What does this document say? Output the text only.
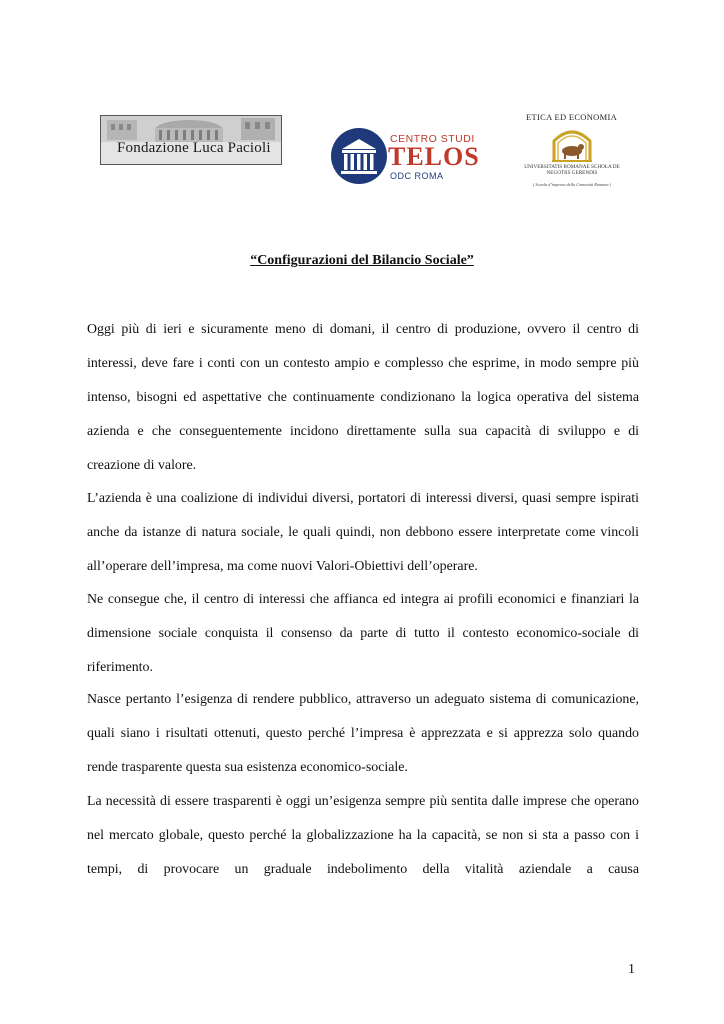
Fondazione Luca Pacioli
CENTRO STUDI
TELOS
ODC ROMA
ETICA ED ECONOMIA
UNIVERSITATIS ROMANAE SCHOLA DE NEGOTIIS GERENDIS
( Scuola d’impresa della Comunità Romana )
“Configurazioni del Bilancio Sociale”

Oggi più di ieri e sicuramente meno di domani, il centro di produzione, ovvero il centro di interessi, deve fare i conti con un contesto ampio e complesso che esprime, in modo sempre più intenso, bisogni ed aspettative che continuamente condizionano la logica operativa del sistema azienda e che conseguentemente incidono direttamente sulla sua capacità di sviluppo e di creazione di valore.

L’azienda è una coalizione di individui diversi, portatori di interessi diversi, quasi sempre ispirati anche da istanze di natura sociale, le quali quindi, non debbono essere interpretate come vincoli all’operare dell’impresa, ma come nuovi Valori-Obiettivi dell’operare.

Ne consegue che, il centro di interessi che affianca ed integra ai profili economici e finanziari la dimensione sociale conquista il consenso da parte di tutto il contesto economico-sociale di riferimento.

Nasce pertanto l’esigenza di rendere pubblico, attraverso un adeguato sistema di comunicazione, quali siano i risultati ottenuti, questo perché l’impresa è apprezzata e si apprezza solo quando rende trasparente questa sua esistenza economico-sociale.

La necessità di essere trasparenti è oggi un’esigenza sempre più sentita dalle imprese che operano nel mercato globale, questo perché la globalizzazione ha la capacità, se non si sta a passo con i tempi, di provocare un graduale indebolimento della vitalità aziendale a causa

1
